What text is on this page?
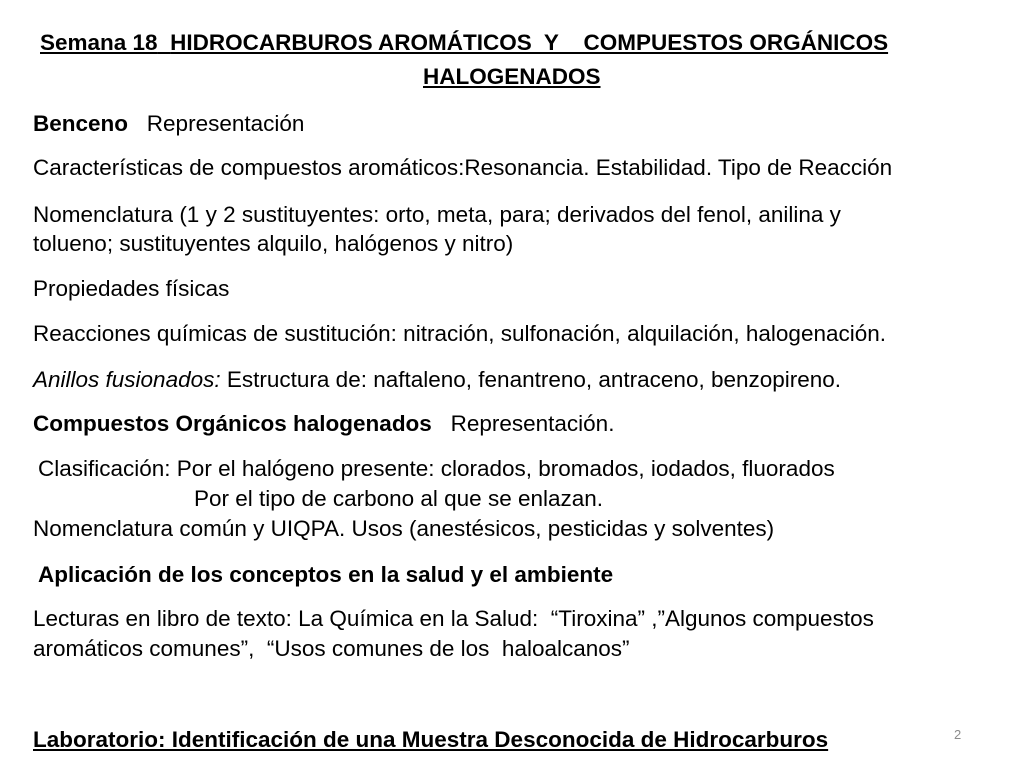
Semana 18 HIDROCARBUROS AROMÁTICOS  Y    COMPUESTOS ORGÁNICOS
HALOGENADOS
Benceno Representación
Características de compuestos aromáticos:Resonancia. Estabilidad. Tipo de Reacción
Nomenclatura (1 y 2 sustituyentes: orto, meta, para; derivados del fenol, anilina y
tolueno; sustituyentes alquilo, halógenos y nitro)
Propiedades físicas
Reacciones químicas de sustitución: nitración, sulfonación, alquilación, halogenación.
Anillos fusionados: Estructura de: naftaleno, fenantreno, antraceno, benzopireno.
Compuestos Orgánicos halogenados Representación.
Clasificación: Por el halógeno presente: clorados, bromados, iodados, fluorados
Por el tipo de carbono al que se enlazan.
Nomenclatura común y UIQPA. Usos (anestésicos, pesticidas y solventes)
Aplicación de los conceptos en la salud y el ambiente
Lecturas en libro de texto: La Química en la Salud:  “Tiroxina” ,”Algunos compuestos
aromáticos comunes”,  “Usos comunes de los  haloalcanos”
Laboratorio: Identificación de una Muestra Desconocida de Hidrocarburos	2
